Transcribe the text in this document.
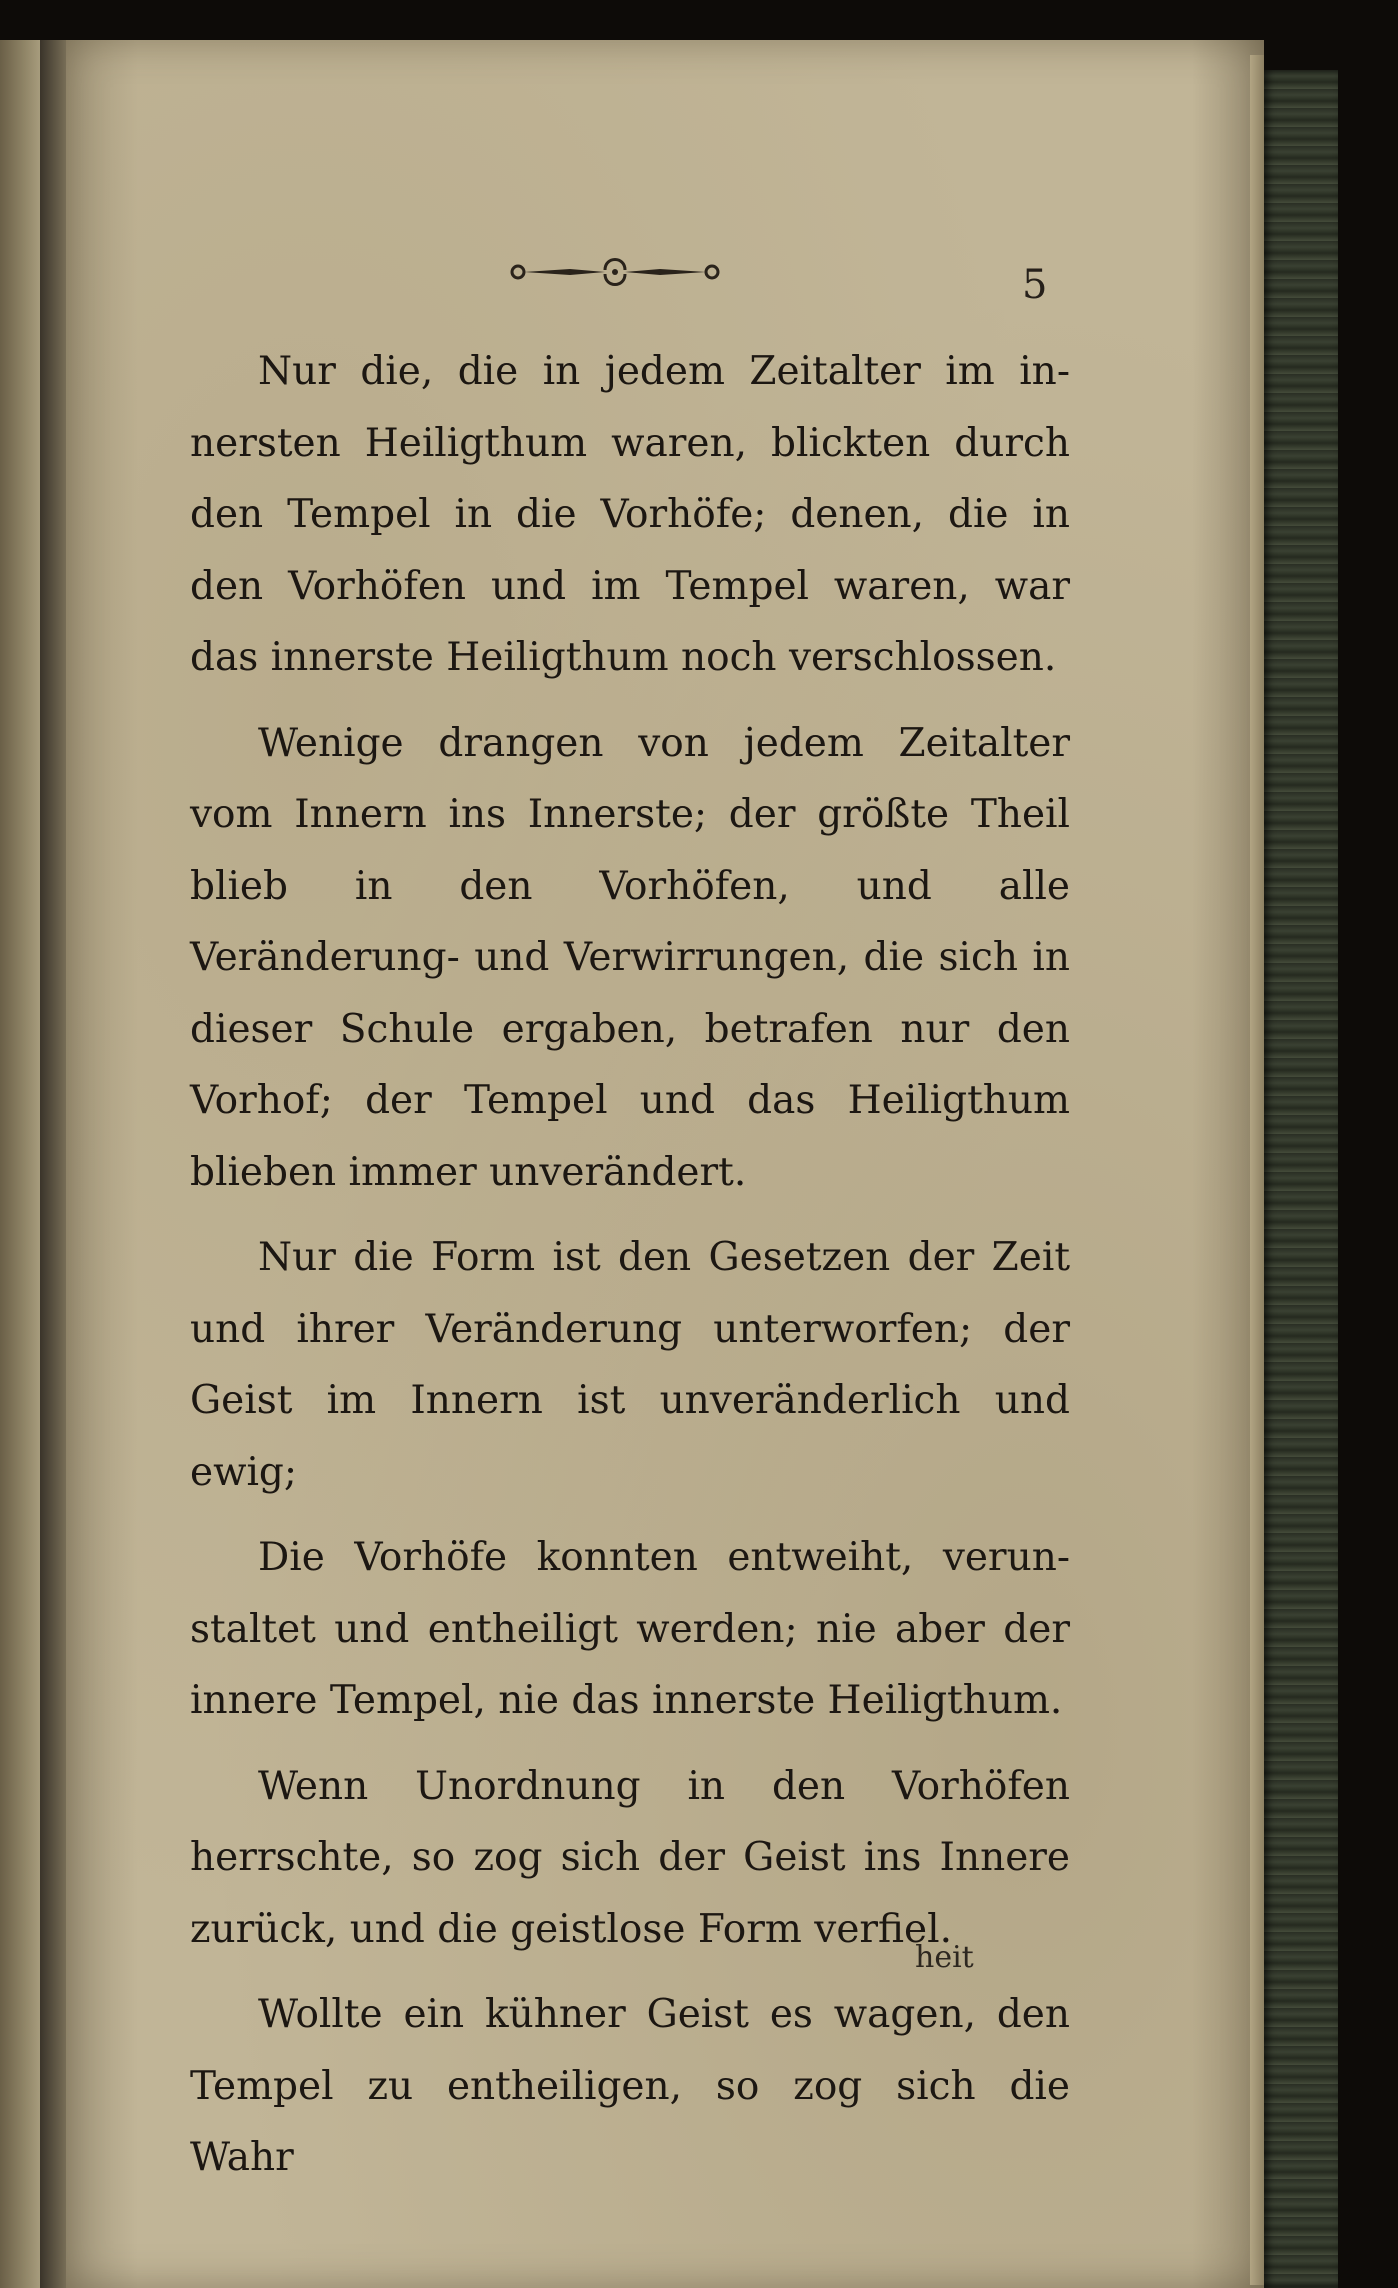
5

Nur die, die in jedem Zeitalter im innersten Heiligthum waren, blickten durch den Tempel in die Vorhöfe; denen, die in den Vorhöfen und im Tempel waren, war das innerste Heiligthum noch verschlossen.

Wenige drangen von jedem Zeitalter vom Innern ins Innerste; der größte Theil blieb in den Vorhöfen, und alle Veränderung- und Verwirrungen, die sich in dieser Schule ergaben, betrafen nur den Vorhof; der Tempel und das Heiligthum blieben immer unverändert.

Nur die Form ist den Gesetzen der Zeit und ihrer Veränderung unterworfen; der Geist im Innern ist unveränderlich und ewig;

Die Vorhöfe konnten entweiht, verunstaltet und entheiligt werden; nie aber der innere Tempel, nie das innerste Heiligthum.

Wenn Unordnung in den Vorhöfen herrschte, so zog sich der Geist ins Innere zurück, und die geistlose Form verfiel.

Wollte ein kühner Geist es wagen, den Tempel zu entheiligen, so zog sich die Wahr

heit
